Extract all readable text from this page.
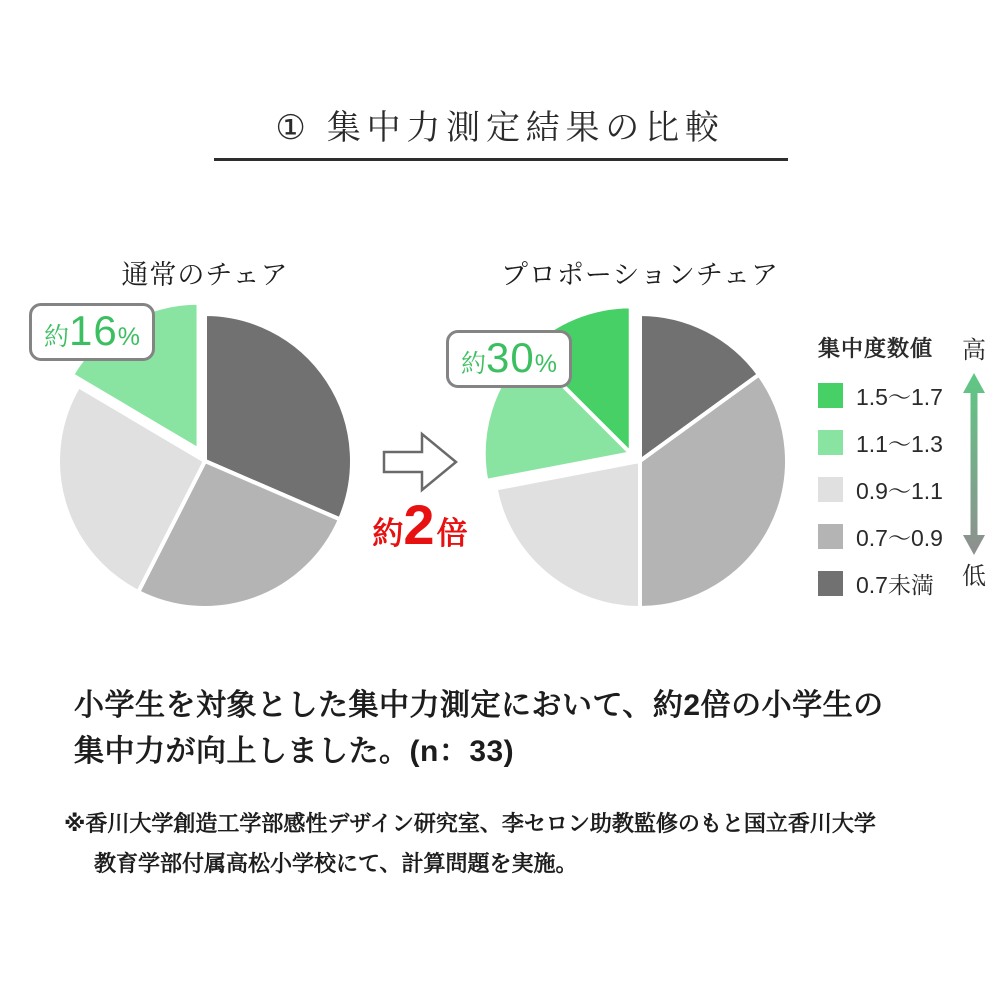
① 集中力測定結果の比較
通常のチェア
約16%
約2倍
プロポーションチェア
約30%
集中度数値
1.5〜1.7
1.1〜1.3
0.9〜1.1
0.7〜0.9
0.7未満
高
低
小学生を対象とした集中力測定において、約2倍の小学生の
集中力が向上しました。(n：33)
※香川大学創造工学部感性デザイン研究室、李セロン助教監修のもと国立香川大学
教育学部付属高松小学校にて、計算問題を実施。
